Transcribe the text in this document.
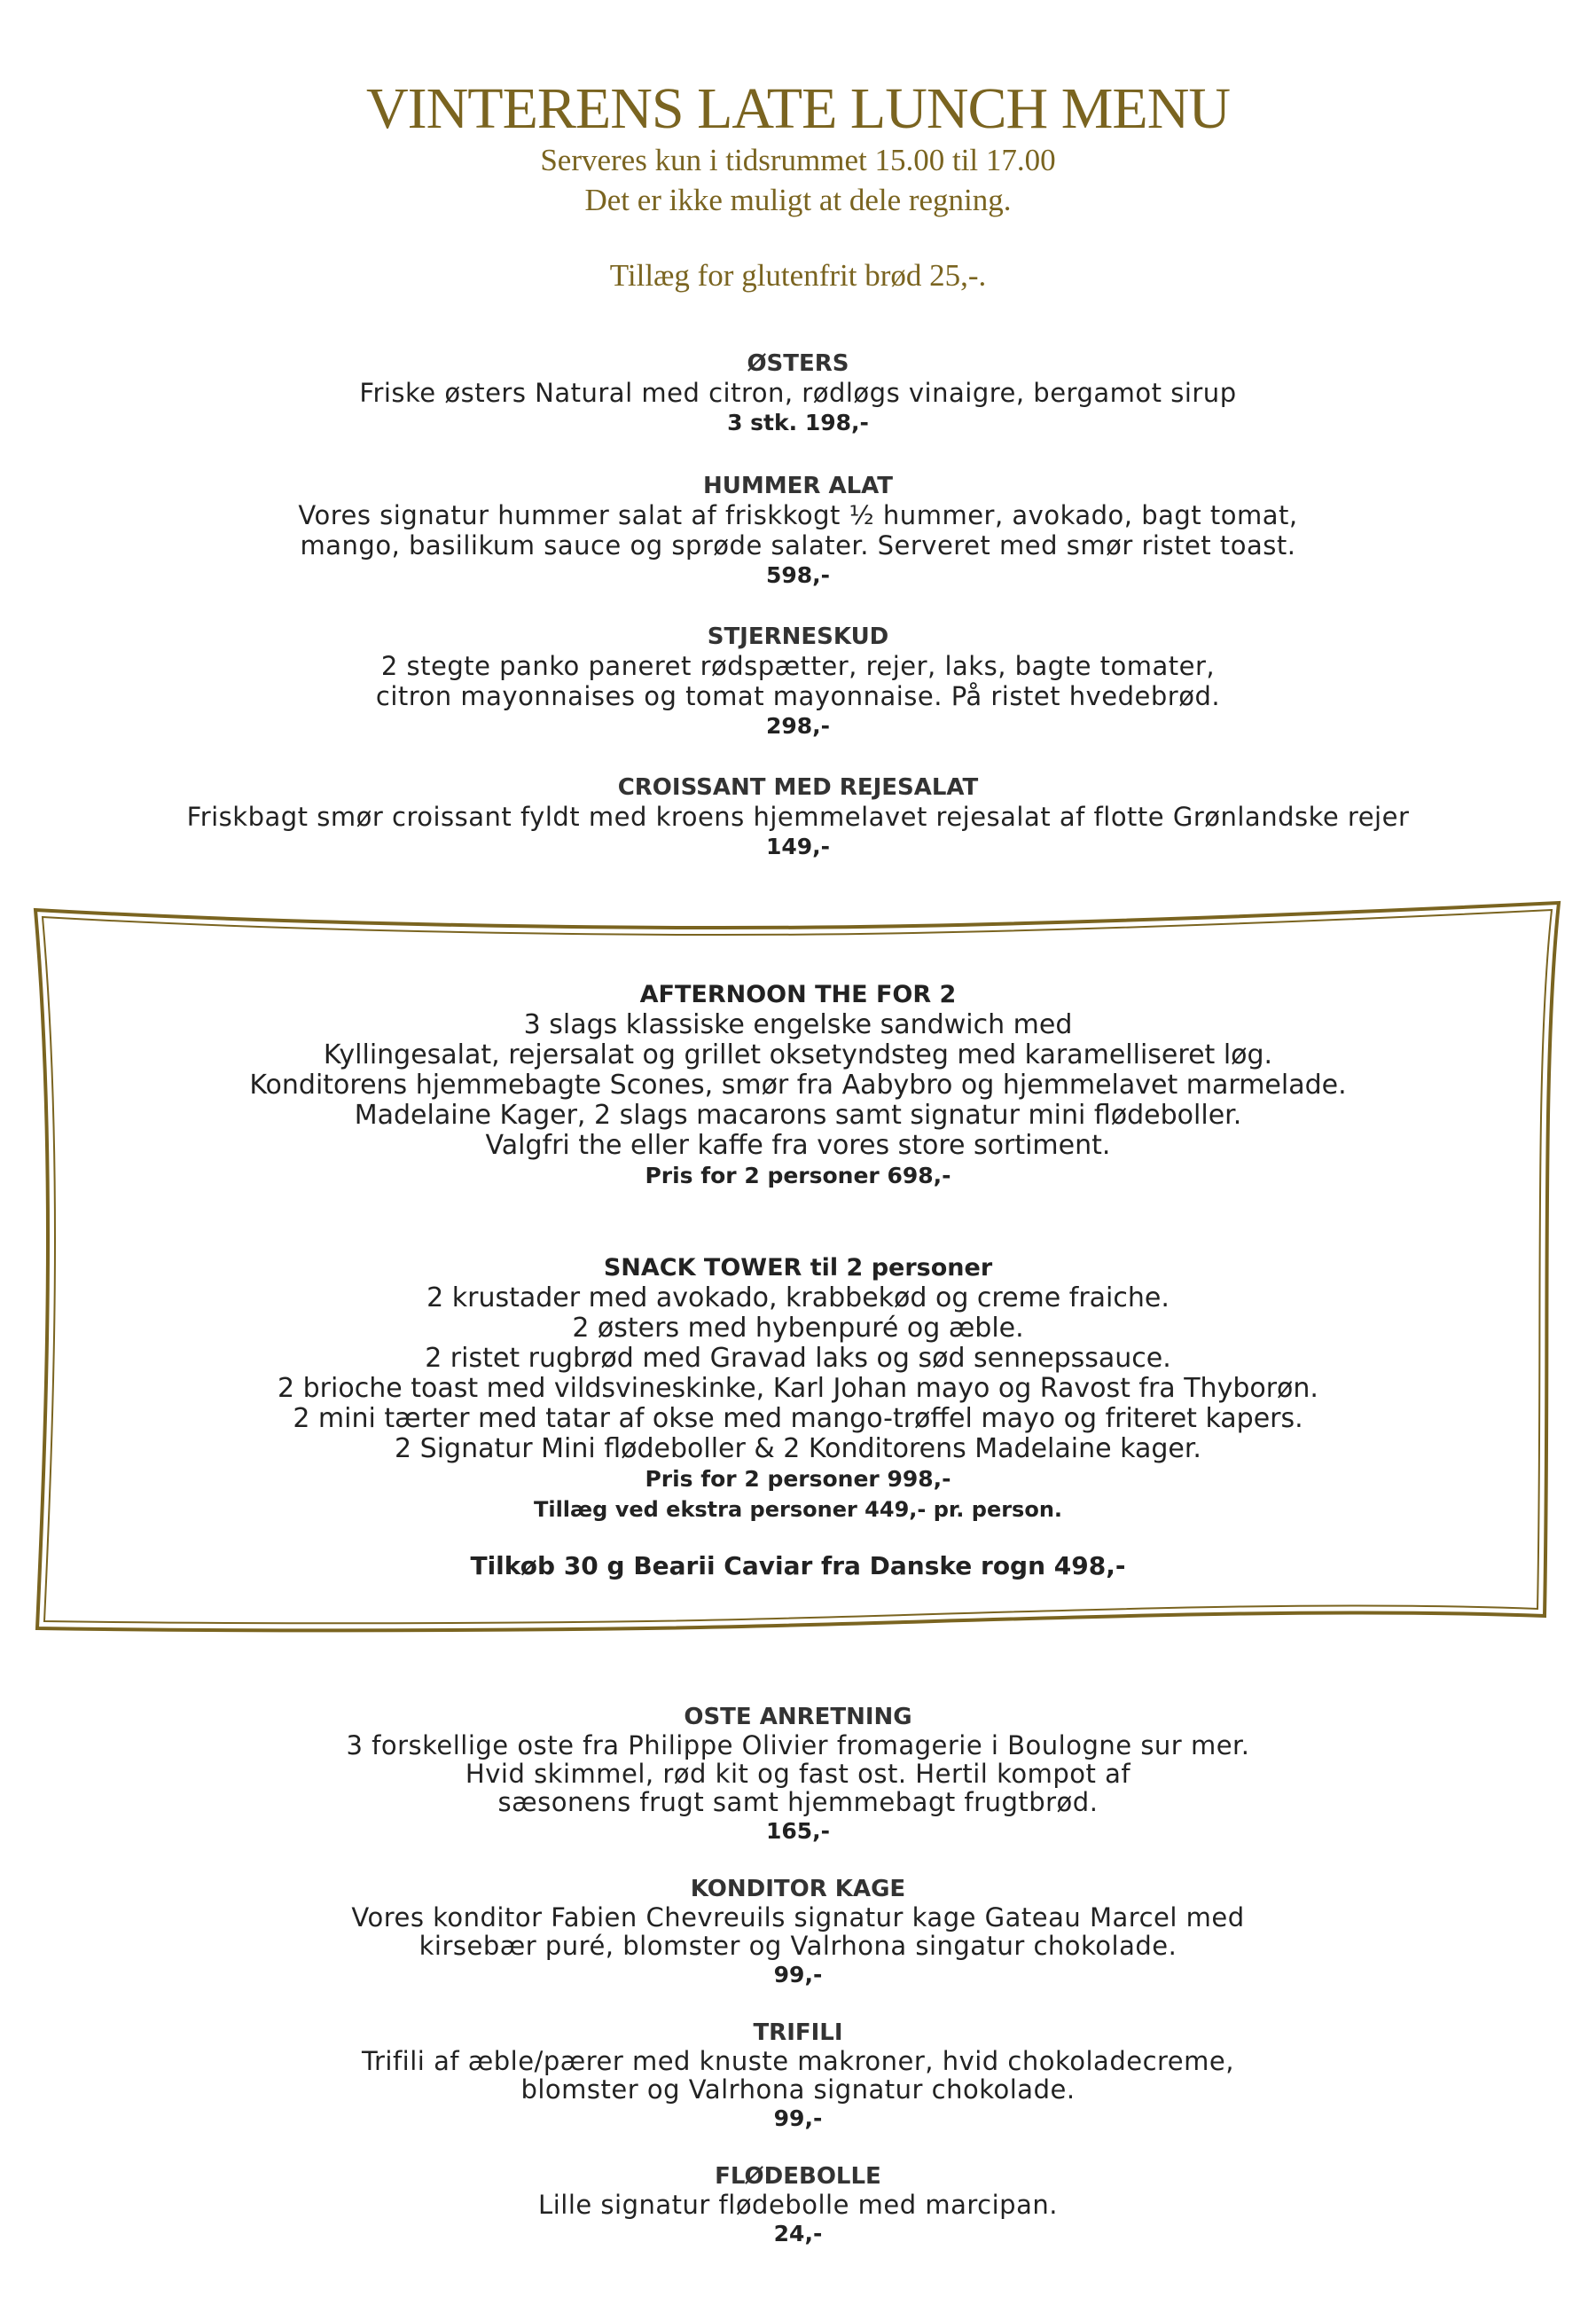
VINTERENS LATE LUNCH MENU
Serveres kun i tidsrummet 15.00 til 17.00
Det er ikke muligt at dele regning.
Tillæg for glutenfrit brød 25,-.
ØSTERS
Friske østers Natural med citron, rødløgs vinaigre, bergamot sirup
3 stk. 198,-
HUMMER ALAT
Vores signatur hummer salat af friskkogt ½ hummer, avokado, bagt tomat,
mango, basilikum sauce og sprøde salater. Serveret med smør ristet toast.
598,-
STJERNESKUD
2 stegte panko paneret rødspætter, rejer, laks, bagte tomater,
citron mayonnaises og tomat mayonnaise. På ristet hvedebrød.
298,-
CROISSANT MED REJESALAT
Friskbagt smør croissant fyldt med kroens hjemmelavet rejesalat af flotte Grønlandske rejer
149,-
AFTERNOON THE FOR 2
3 slags klassiske engelske sandwich med
Kyllingesalat, rejersalat og grillet oksetyndsteg med karamelliseret løg.
Konditorens hjemmebagte Scones, smør fra Aabybro og hjemmelavet marmelade.
Madelaine Kager, 2 slags macarons samt signatur mini flødeboller.
Valgfri the eller kaffe fra vores store sortiment.
Pris for 2 personer 698,-
SNACK TOWER til 2 personer
2 krustader med avokado, krabbekød og creme fraiche.
2 østers med hybenpuré og æble.
2 ristet rugbrød med Gravad laks og sød sennepssauce.
2 brioche toast med vildsvineskinke, Karl Johan mayo og Ravost fra Thyborøn.
2 mini tærter med tatar af okse med mango-trøffel mayo og friteret kapers.
2 Signatur Mini flødeboller & 2 Konditorens Madelaine kager.
Pris for 2 personer 998,-
Tillæg ved ekstra personer 449,- pr. person.
Tilkøb 30 g Bearii Caviar fra Danske rogn 498,-
OSTE ANRETNING
3 forskellige oste fra Philippe Olivier fromagerie i Boulogne sur mer.
Hvid skimmel, rød kit og fast ost. Hertil kompot af
sæsonens frugt samt hjemmebagt frugtbrød.
165,-
KONDITOR KAGE
Vores konditor Fabien Chevreuils signatur kage Gateau Marcel med
kirsebær puré, blomster og Valrhona singatur chokolade.
99,-
TRIFILI
Trifili af æble/pærer med knuste makroner, hvid chokoladecreme,
blomster og Valrhona signatur chokolade.
99,-
FLØDEBOLLE
Lille signatur flødebolle med marcipan.
24,-
